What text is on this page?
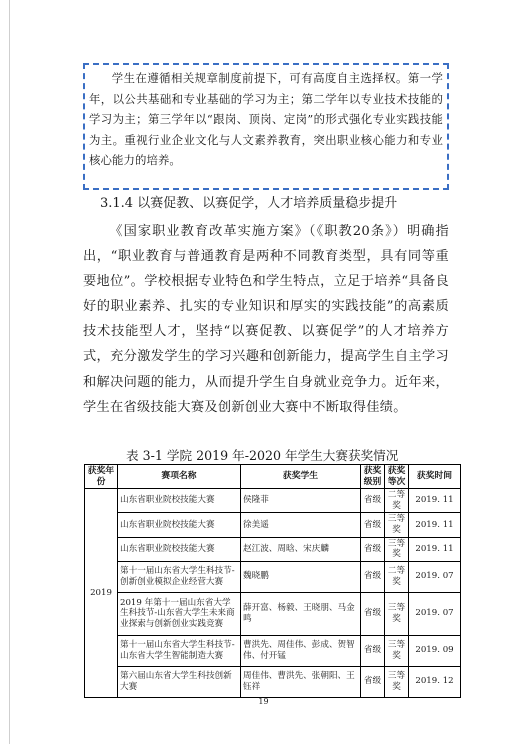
学生在遵循相关规章制度前提下，可有高度自主选择权。第一学年，以公共基础和专业基础的学习为主；第二学年以专业技术技能的学习为主；第三学年以“跟岗、顶岗、定岗”的形式强化专业实践技能为主。重视行业企业文化与人文素养教育，突出职业核心能力和专业核心能力的培养。

3.1.4 以赛促教、以赛促学，人才培养质量稳步提升

《国家职业教育改革实施方案》（《职教20条》）明确指出，“职业教育与普通教育是两种不同教育类型，具有同等重要地位”。学校根据专业特色和学生特点，立足于培养“具备良好的职业素养、扎实的专业知识和厚实的实践技能”的高素质技术技能型人才，坚持“以赛促教、以赛促学”的人才培养方式，充分激发学生的学习兴趣和创新能力，提高学生自主学习和解决问题的能力，从而提升学生自身就业竞争力。近年来，学生在省级技能大赛及创新创业大赛中不断取得佳绩。

表 3-1 学院 2019 年-2020 年学生大赛获奖情况
获奖年份	赛项名称	获奖学生	获奖级别	获奖等次	获奖时间
2019	山东省职业院校技能大赛	侯隆菲	省级	二等奖	2019. 11
	山东省职业院校技能大赛	徐美遥	省级	三等奖	2019. 11
	山东省职业院校技能大赛	赵江波、周晗、宋庆麟	省级	三等奖	2019. 11
	第十一届山东省大学生科技节-创新创业模拟企业经营大赛	魏晓鹏	省级	二等奖	2019. 07
	2019 年第十一届山东省大学生科技节-山东省大学生未来商业探索与创新创业实践竞赛	薛开富、杨毅、王晓朋、马金鸣	省级	三等奖	2019. 07
	第十一届山东省大学生科技节-山东省大学生智能制造大赛	曹洪先、周佳伟、彭成、贺智伟、付开锰	省级	三等奖	2019. 09
	第六届山东省大学生科技创新大赛	周佳伟、曹洪先、张朝阳、王钰祥	省级	三等奖	2019. 12
19
